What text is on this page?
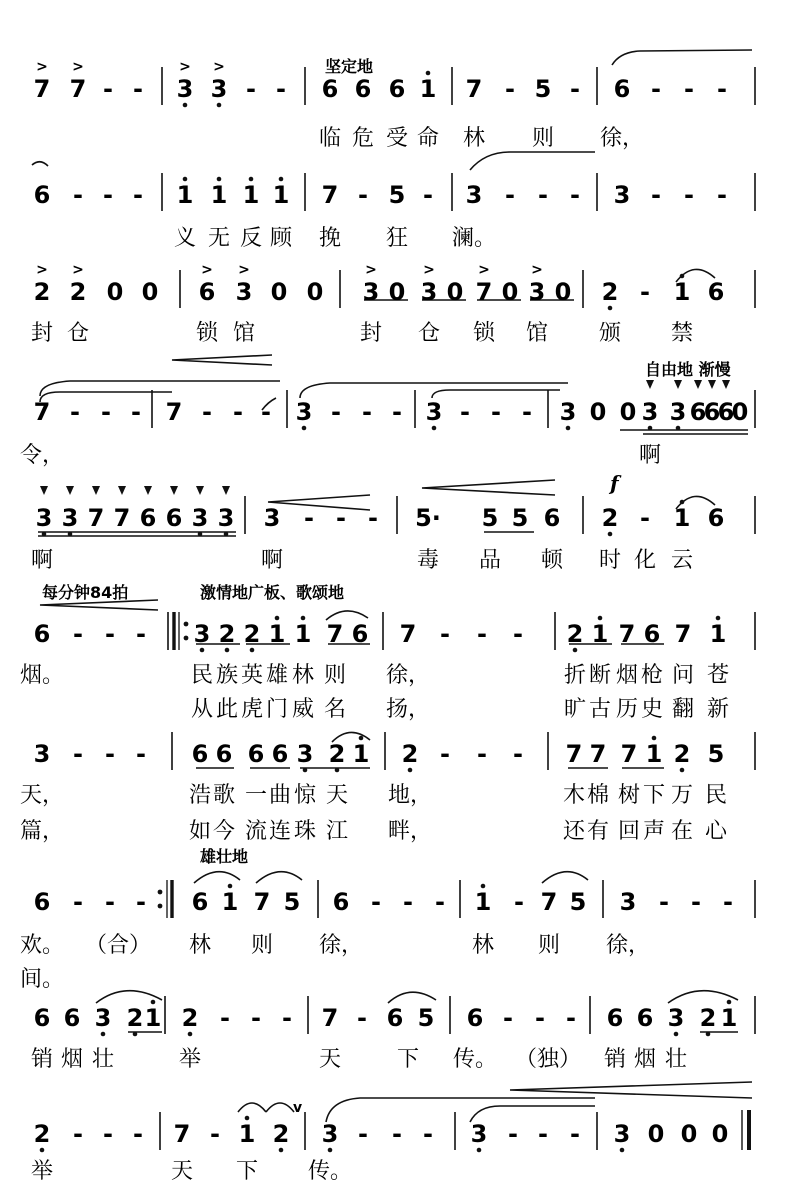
7
>
7
>
- - 3
>
3
>
- - 6 6 6 1 7 - 5 - 6 - - -
临 危 受 命 林 则 徐，
坚定地
6 - - - 1 1 1 1 7 - 5 - 3 - - - 3 - - -
义 无 反 顾 挽 狂 澜。
2
>
2
>
0 0 6
>
3
>
0 0 3
>
0 3
>
0 7
>
0 3
>
0 2 - 1 6
封 仓	锁 馆	封 仓 锁 馆 颁 禁
7 - - - 7 - - - 3 - - - 3 - - - 3 0 0 3 3 6
6
6
0
令，	啊
自由地 渐慢
3 3 7 7 6 6 3 3 3 - - - 5· 5 5 6 2 - 1 6
啊	啊	毒 品 顿 时 化 云
6 - - - 3 2 2 1 1 7 6 7 - - - 2 1 7 6 7 1
烟。	民 族 英 雄 林 则 徐，	折 断 烟 枪 问 苍
从 此 虎 门 威 名 扬，	旷 古 历 史 翻 新
每分钟84拍	激情地广板、歌颂地
3 - - - 6 6 6 6 3 2 1 2 - - - 7 7 7 1 2 5
天，	浩 歌 一 曲 惊 天 地，	木 棉 树 下 万 民
篇，	如 今 流 连 珠 江 畔，	还 有 回 声 在 心
6 - - - 6 1 7 5 6 - - - 1 - 7 5 3 - - -
欢。 （合） 林 则 徐，	林 则 徐，
间。
雄壮地
6 6 3 2 1 2 - - - 7 - 6 5 6 - - - 6 6 3 2 1
销 烟 壮	举	天	下 传。 （独） 销 烟 壮
2 - - - 7 - 1 2 3 - - - 3 - - - 3 0 0 0
举	天 下 传。
f
v
